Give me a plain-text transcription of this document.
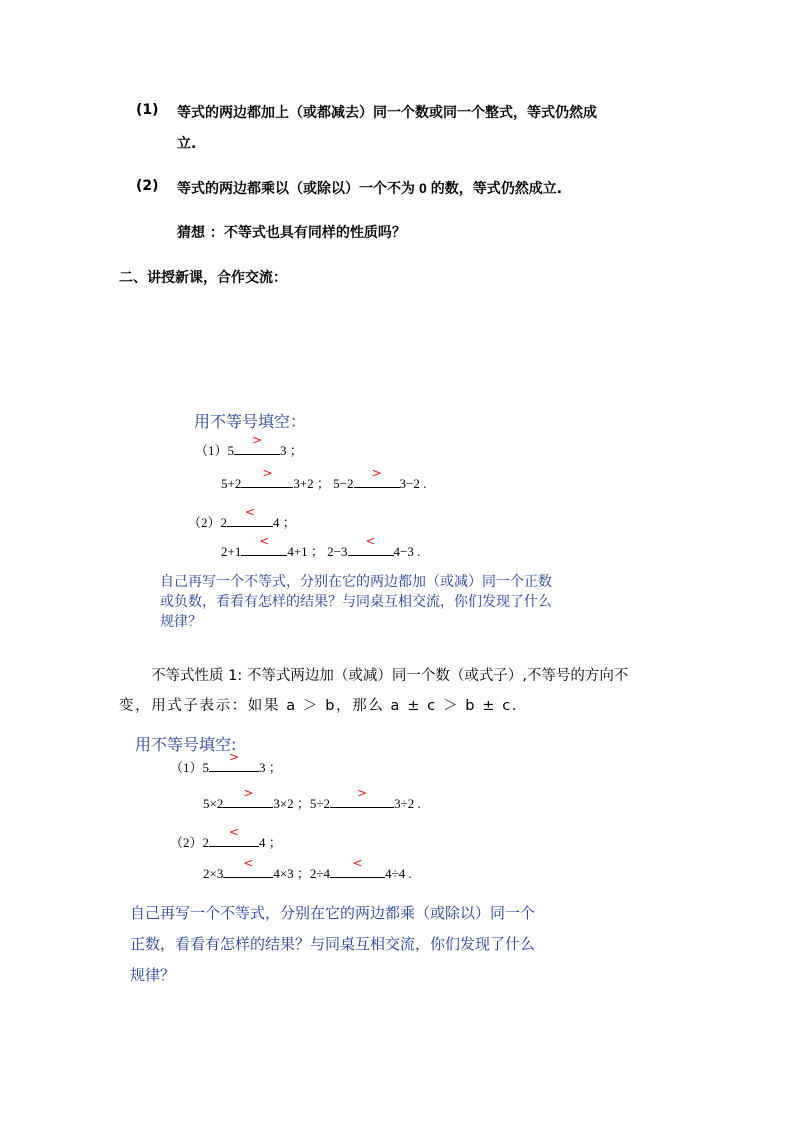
(1) 等式的两边都加上（或都减去）同一个数或同一个整式，等式仍然成
立.
(2) 等式的两边都乘以（或除以）一个不为 0 的数，等式仍然成立.
猜想 ：不等式也具有同样的性质吗？
二、讲授新课，合作交流：
用不等号填空：
（1）5
>
3 ；
5+2
>
3+2 ； 5−2
>
3−2 .
（2）2
<
4 ；
2+1
<
4+1 ； 2−3
<
4−3 .
自己再写一个不等式，分别在它的两边都加（或减）同一个正数或负数，看看有怎样的结果？与同桌互相交流，你们发现了什么规律？
不等式性质 1: 不等式两边加（或减）同一个数（或式子）,不等号的方向不
变，用式子表示：如果 a ＞ b，那么 a ± c ＞ b ± c.
用不等号填空:
（1）5
>
3 ；
5×2
>
3×2 ；5÷2
>
3÷2 .
（2）2
<
4 ；
2×3
<
4×3 ；2÷4
<
4÷4 .
自己再写一个不等式，分别在它的两边都乘（或除以）同一个正数，看看有怎样的结果？与同桌互相交流，你们发现了什么规律？
